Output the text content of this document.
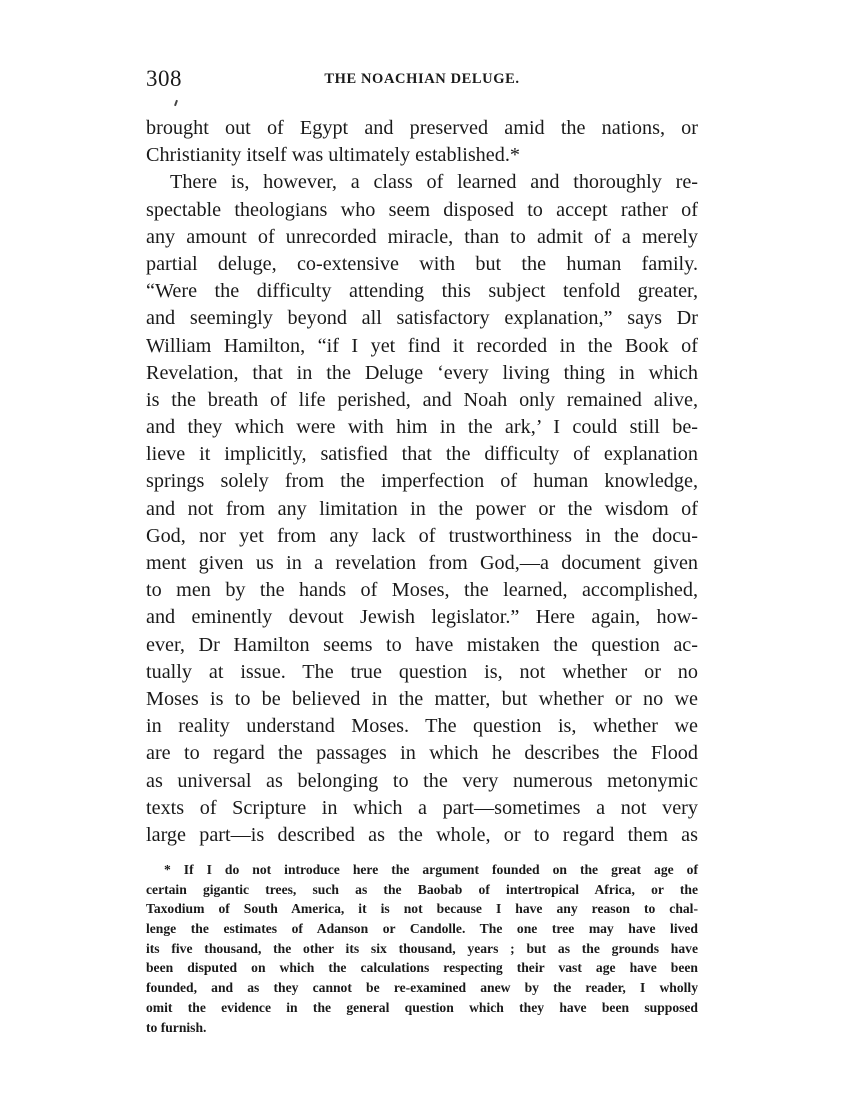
308	THE NOACHIAN DELUGE.
brought out of Egypt and preserved amid the nations, or
Christianity itself was ultimately established.*
There is, however, a class of learned and thoroughly re-
spectable theologians who seem disposed to accept rather of
any amount of unrecorded miracle, than to admit of a merely
partial deluge, co-extensive with but the human family.
“Were the difficulty attending this subject tenfold greater,
and seemingly beyond all satisfactory explanation,” says Dr
William Hamilton, “if I yet find it recorded in the Book of
Revelation, that in the Deluge ‘every living thing in which
is the breath of life perished, and Noah only remained alive,
and they which were with him in the ark,’ I could still be-
lieve it implicitly, satisfied that the difficulty of explanation
springs solely from the imperfection of human knowledge,
and not from any limitation in the power or the wisdom of
God, nor yet from any lack of trustworthiness in the docu-
ment given us in a revelation from God,—a document given
to men by the hands of Moses, the learned, accomplished,
and eminently devout Jewish legislator.” Here again, how-
ever, Dr Hamilton seems to have mistaken the question ac-
tually at issue. The true question is, not whether or no
Moses is to be believed in the matter, but whether or no we
in reality understand Moses. The question is, whether we
are to regard the passages in which he describes the Flood
as universal as belonging to the very numerous metonymic
texts of Scripture in which a part—sometimes a not very
large part—is described as the whole, or to regard them as
* If I do not introduce here the argument founded on the great age of
certain gigantic trees, such as the Baobab of intertropical Africa, or the
Taxodium of South America, it is not because I have any reason to chal-
lenge the estimates of Adanson or Candolle. The one tree may have lived
its five thousand, the other its six thousand, years ; but as the grounds have
been disputed on which the calculations respecting their vast age have been
founded, and as they cannot be re-examined anew by the reader, I wholly
omit the evidence in the general question which they have been supposed
to furnish.
